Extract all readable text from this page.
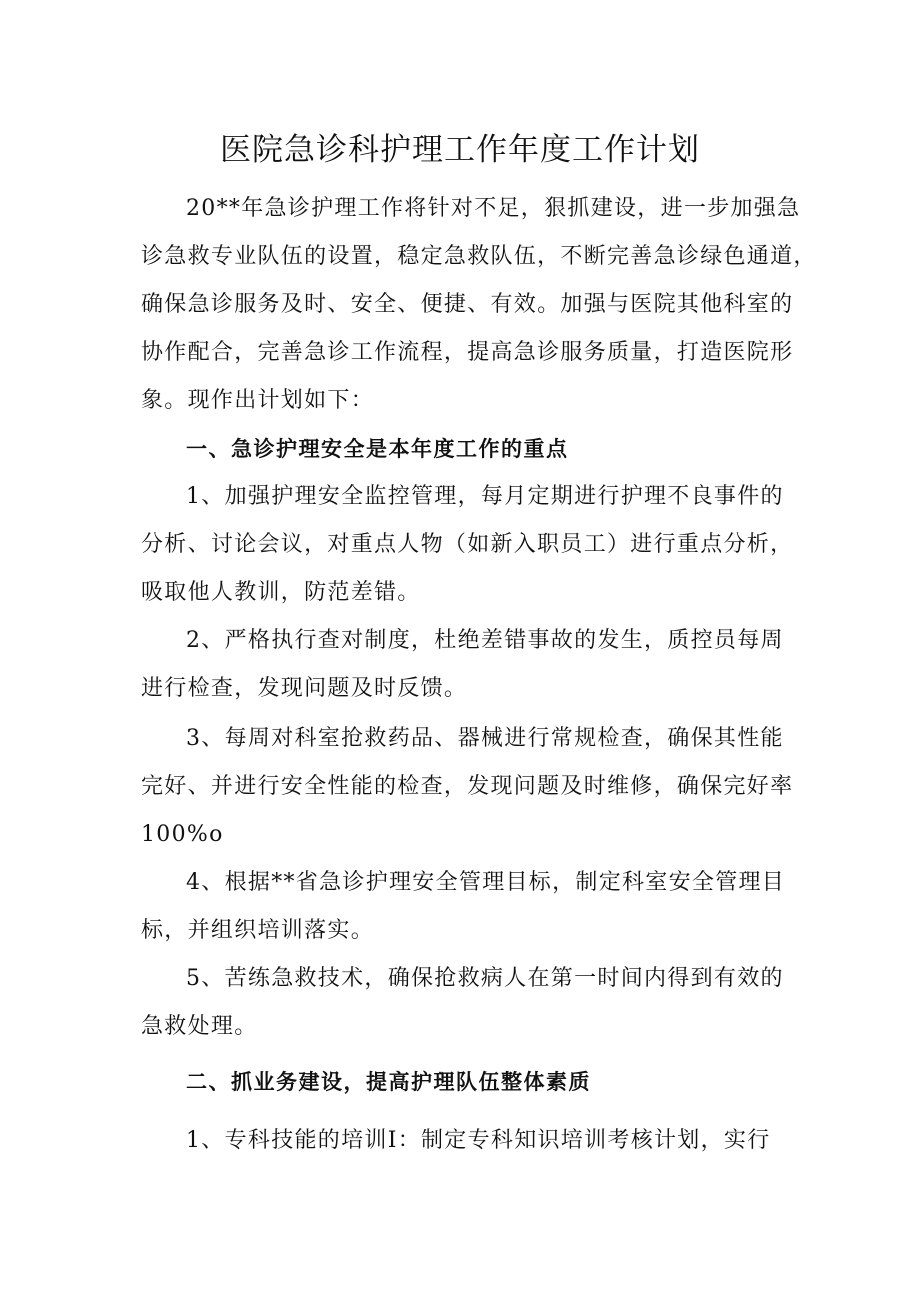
医院急诊科护理工作年度工作计划
20**年急诊护理工作将针对不足，狠抓建设，进一步加强急
诊急救专业队伍的设置，稳定急救队伍，不断完善急诊绿色通道，
确保急诊服务及时、安全、便捷、有效。加强与医院其他科室的
协作配合，完善急诊工作流程，提高急诊服务质量，打造医院形
象。现作出计划如下：
一、急诊护理安全是本年度工作的重点
1、加强护理安全监控管理，每月定期进行护理不良事件的
分析、讨论会议，对重点人物（如新入职员工）进行重点分析，
吸取他人教训，防范差错。
2、严格执行查对制度，杜绝差错事故的发生，质控员每周
进行检查，发现问题及时反馈。
3、每周对科室抢救药品、器械进行常规检查，确保其性能
完好、并进行安全性能的检查，发现问题及时维修，确保完好率
100%o
4、根据**省急诊护理安全管理目标，制定科室安全管理目
标，并组织培训落实。
5、苦练急救技术，确保抢救病人在第一时间内得到有效的
急救处理。
二、抓业务建设，提高护理队伍整体素质
1、专科技能的培训I：制定专科知识培训考核计划，实行
